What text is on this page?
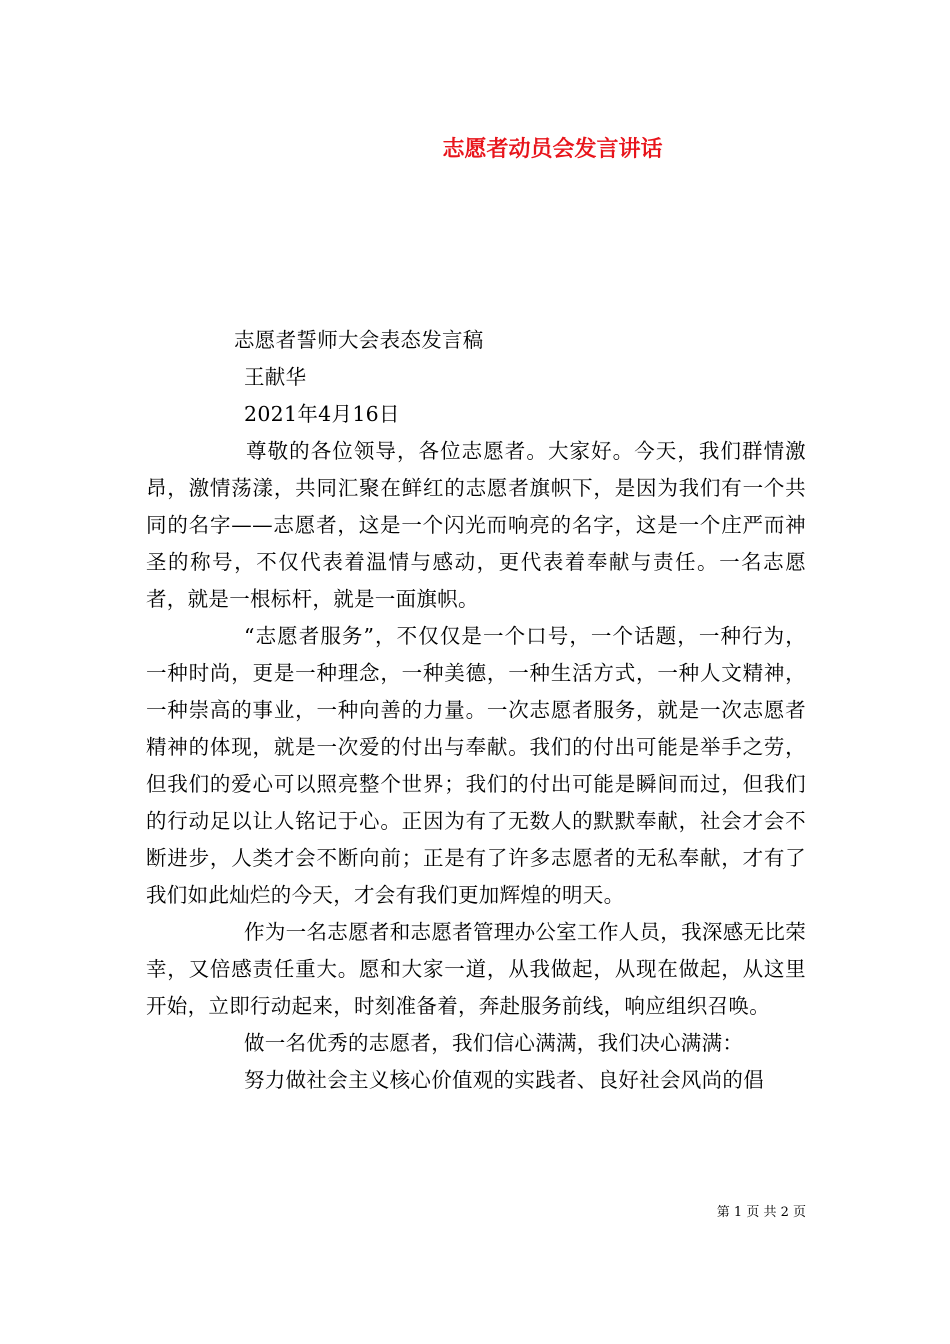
志愿者动员会发言讲话
志愿者誓师大会表态发言稿
王献华
2021年4月16日

尊敬的各位领导，各位志愿者。大家好。今天，我们群情激昂，激情荡漾，共同汇聚在鲜红的志愿者旗帜下，是因为我们有一个共同的名字——志愿者，这是一个闪光而响亮的名字，这是一个庄严而神圣的称号，不仅代表着温情与感动，更代表着奉献与责任。一名志愿者，就是一根标杆，就是一面旗帜。

“志愿者服务”，不仅仅是一个口号，一个话题，一种行为，一种时尚，更是一种理念，一种美德，一种生活方式，一种人文精神，一种崇高的事业，一种向善的力量。一次志愿者服务，就是一次志愿者精神的体现，就是一次爱的付出与奉献。我们的付出可能是举手之劳，但我们的爱心可以照亮整个世界；我们的付出可能是瞬间而过，但我们的行动足以让人铭记于心。正因为有了无数人的默默奉献，社会才会不断进步，人类才会不断向前；正是有了许多志愿者的无私奉献，才有了我们如此灿烂的今天，才会有我们更加辉煌的明天。

作为一名志愿者和志愿者管理办公室工作人员，我深感无比荣幸，又倍感责任重大。愿和大家一道，从我做起，从现在做起，从这里开始，立即行动起来，时刻准备着，奔赴服务前线，响应组织召唤。

做一名优秀的志愿者，我们信心满满，我们决心满满：

努力做社会主义核心价值观的实践者、良好社会风尚的倡

第 1 页 共 2 页
